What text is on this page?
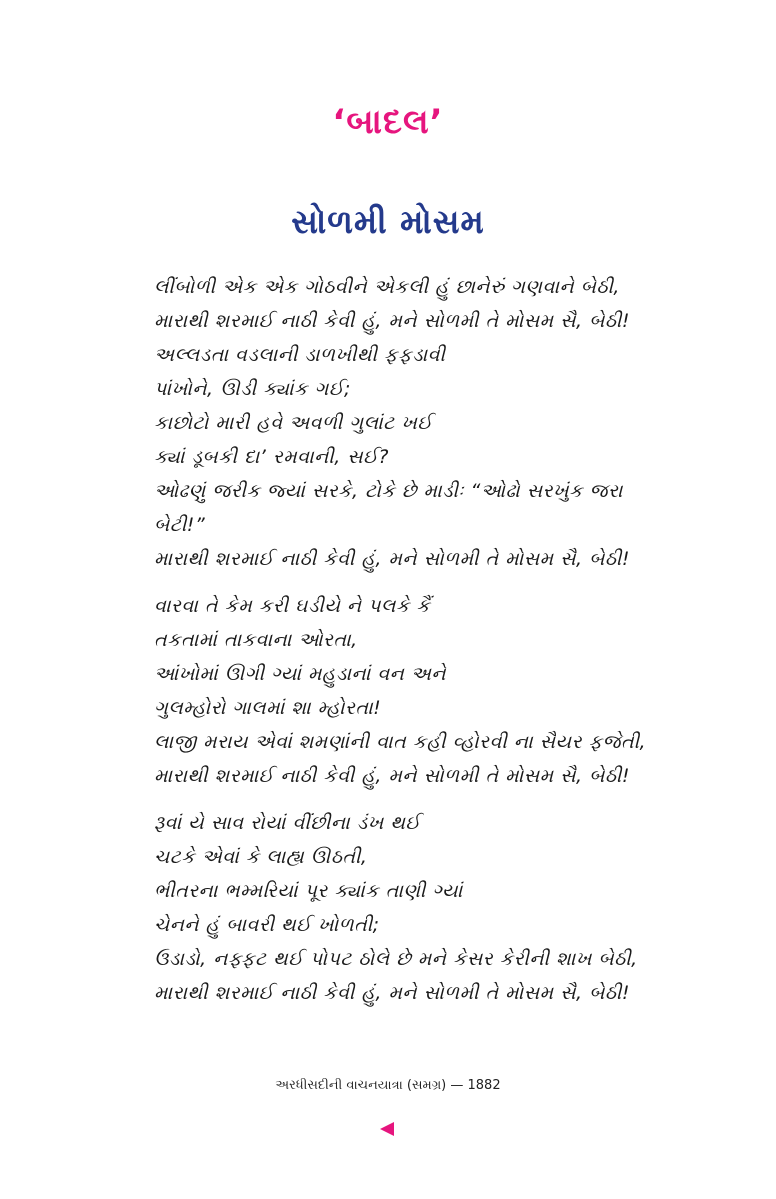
‘બાદલ’
સોળમી મોસમ
લીંબોળી એક એક ગોઠવીને એકલી હું છાનેરું ગણવાને બેઠી,
મારાથી શરમાઈ નાઠી કેવી હું, મને સોળમી તે મોસમ સૈ, બેઠી!
અલ્લડતા વડલાની ડાળખીથી ફફડાવી
પાંખોને, ઊડી ક્યાંક ગઈ;
કાછોટો મારી હવે અવળી ગુલાંટ ખઈ
ક્યાં ડૂબકી દા’ રમવાની, સઈ?
ઓઢણું જરીક જ્યાં સરકે, ટોકે છે માડીઃ “ઓઢો સરખુંક જરા
બેટી!”
મારાથી શરમાઈ નાઠી કેવી હું, મને સોળમી તે મોસમ સૈ, બેઠી!
વારવા તે કેમ કરી ઘડીયે ને પલકે કૈં
તકતામાં તાકવાના ઓરતા,
આંખોમાં ઊગી ગ્યાં મહુડાનાં વન અને
ગુલમ્હોરો ગાલમાં શા મ્હોરતા!
લાજી મરાય એવાં શમણાંની વાત કહી વ્હોરવી ના સૈયર ફજેતી,
મારાથી શરમાઈ નાઠી કેવી હું, મને સોળમી તે મોસમ સૈ, બેઠી!
રૂવાં યે સાવ રોયાં વીંછીના ડંખ થઈ
ચટકે એવાં કે લાહ્ય ઊઠતી,
ભીતરના ભમ્મરિયાં પૂર ક્યાંક તાણી ગ્યાં
ચેનને હું બાવરી થઈ ખોળતી;
ઉડાડો, નફ્ફટ થઈ પોપટ ઠોલે છે મને કેસર કેરીની શાખ બેઠી,
મારાથી શરમાઈ નાઠી કેવી હું, મને સોળમી તે મોસમ સૈ, બેઠી!
અરધીસદીની વાચનયાત્રા (સમગ્ર) — 1882
